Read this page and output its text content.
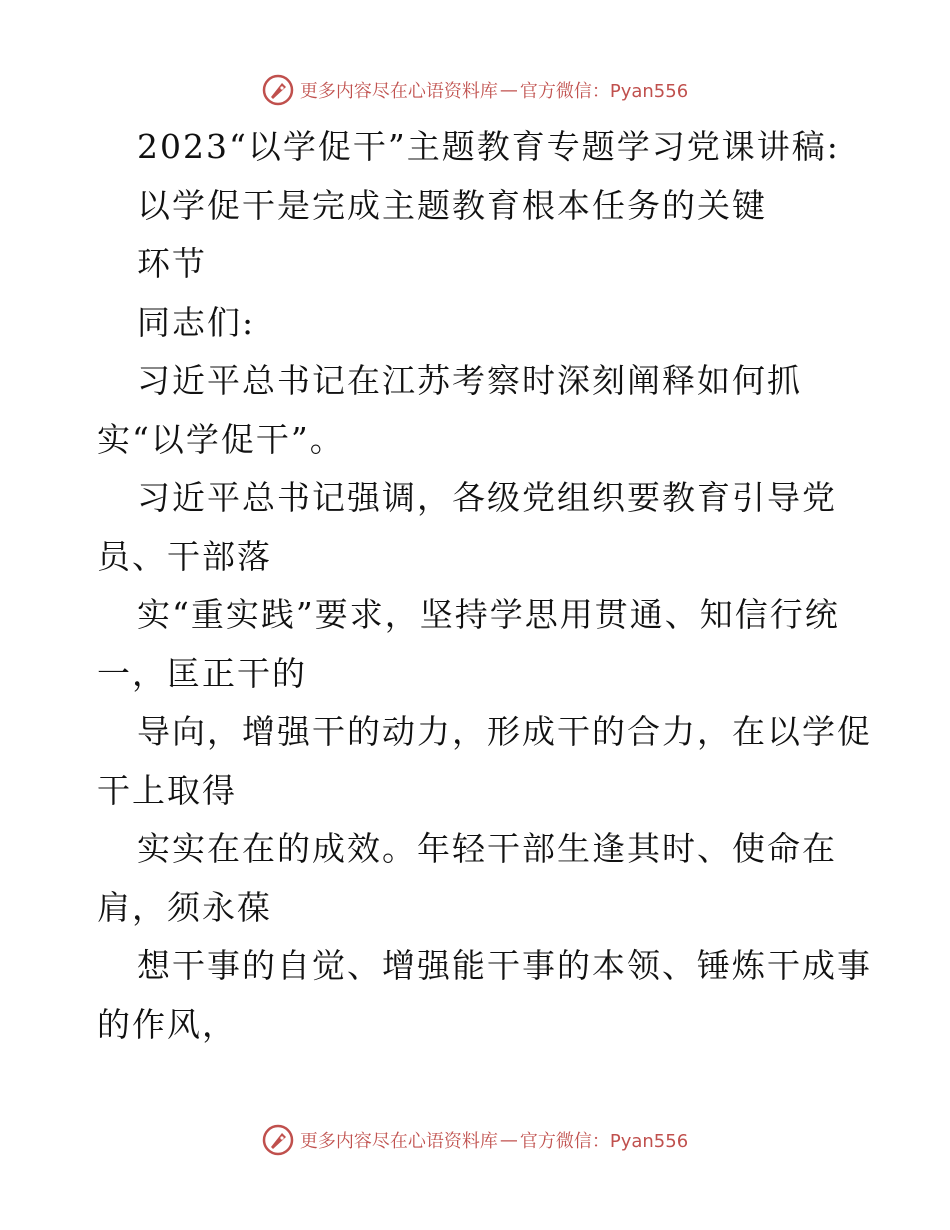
更多内容尽在心语资料库 — 官方微信：Pyan556
2023“以学促干”主题教育专题学习党课讲稿:
以学促干是完成主题教育根本任务的关键
环节
同志们:
习近平总书记在江苏考察时深刻阐释如何抓
实“以学促干”。
习近平总书记强调，各级党组织要教育引导党
员、干部落
实“重实践”要求，坚持学思用贯通、知信行统
一，匡正干的
导向，增强干的动力，形成干的合力，在以学促
干上取得
实实在在的成效。年轻干部生逢其时、使命在
肩，须永葆
想干事的自觉、增强能干事的本领、锤炼干成事
的作风，
更多内容尽在心语资料库 — 官方微信：Pyan556
